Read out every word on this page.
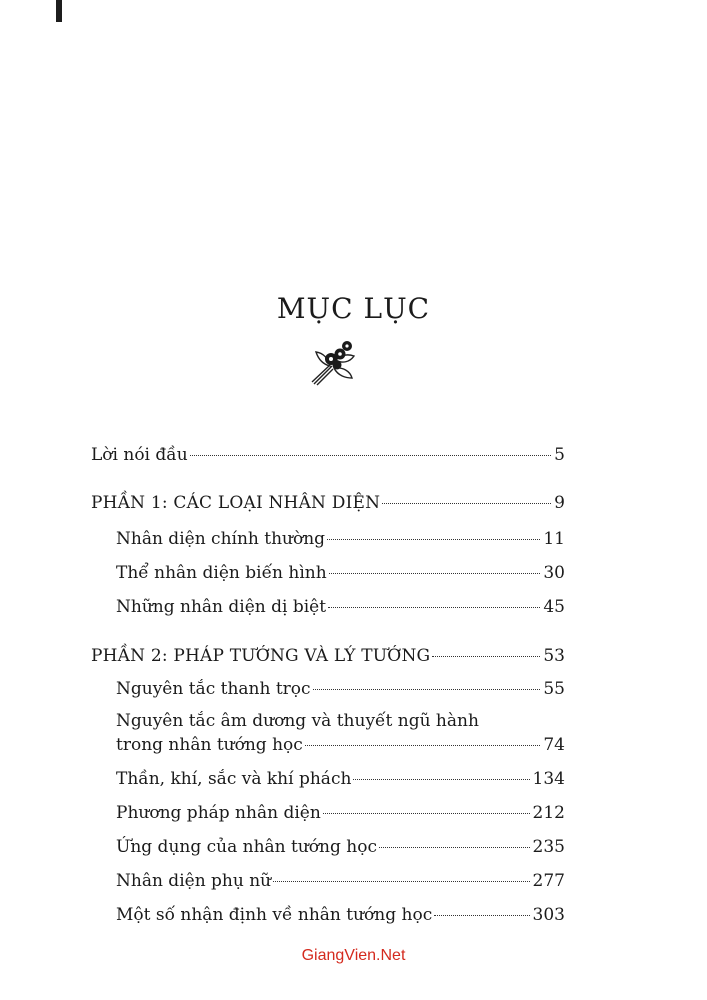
MỤC LỤC
Lời nói đầu	5
PHẦN 1: CÁC LOẠI NHÂN DIỆN	9
Nhân diện chính thường	11
Thể nhân diện biến hình	30
Những nhân diện dị biệt	45
PHẦN 2: PHÁP TƯỚNG VÀ LÝ TƯỚNG	53
Nguyên tắc thanh trọc	55
Nguyên tắc âm dương và thuyết ngũ hành
trong nhân tướng học	74
Thần, khí, sắc và khí phách	134
Phương pháp nhân diện	212
Ứng dụng của nhân tướng học	235
Nhân diện phụ nữ	277
Một số nhận định về nhân tướng học	303
GiangVien.Net
